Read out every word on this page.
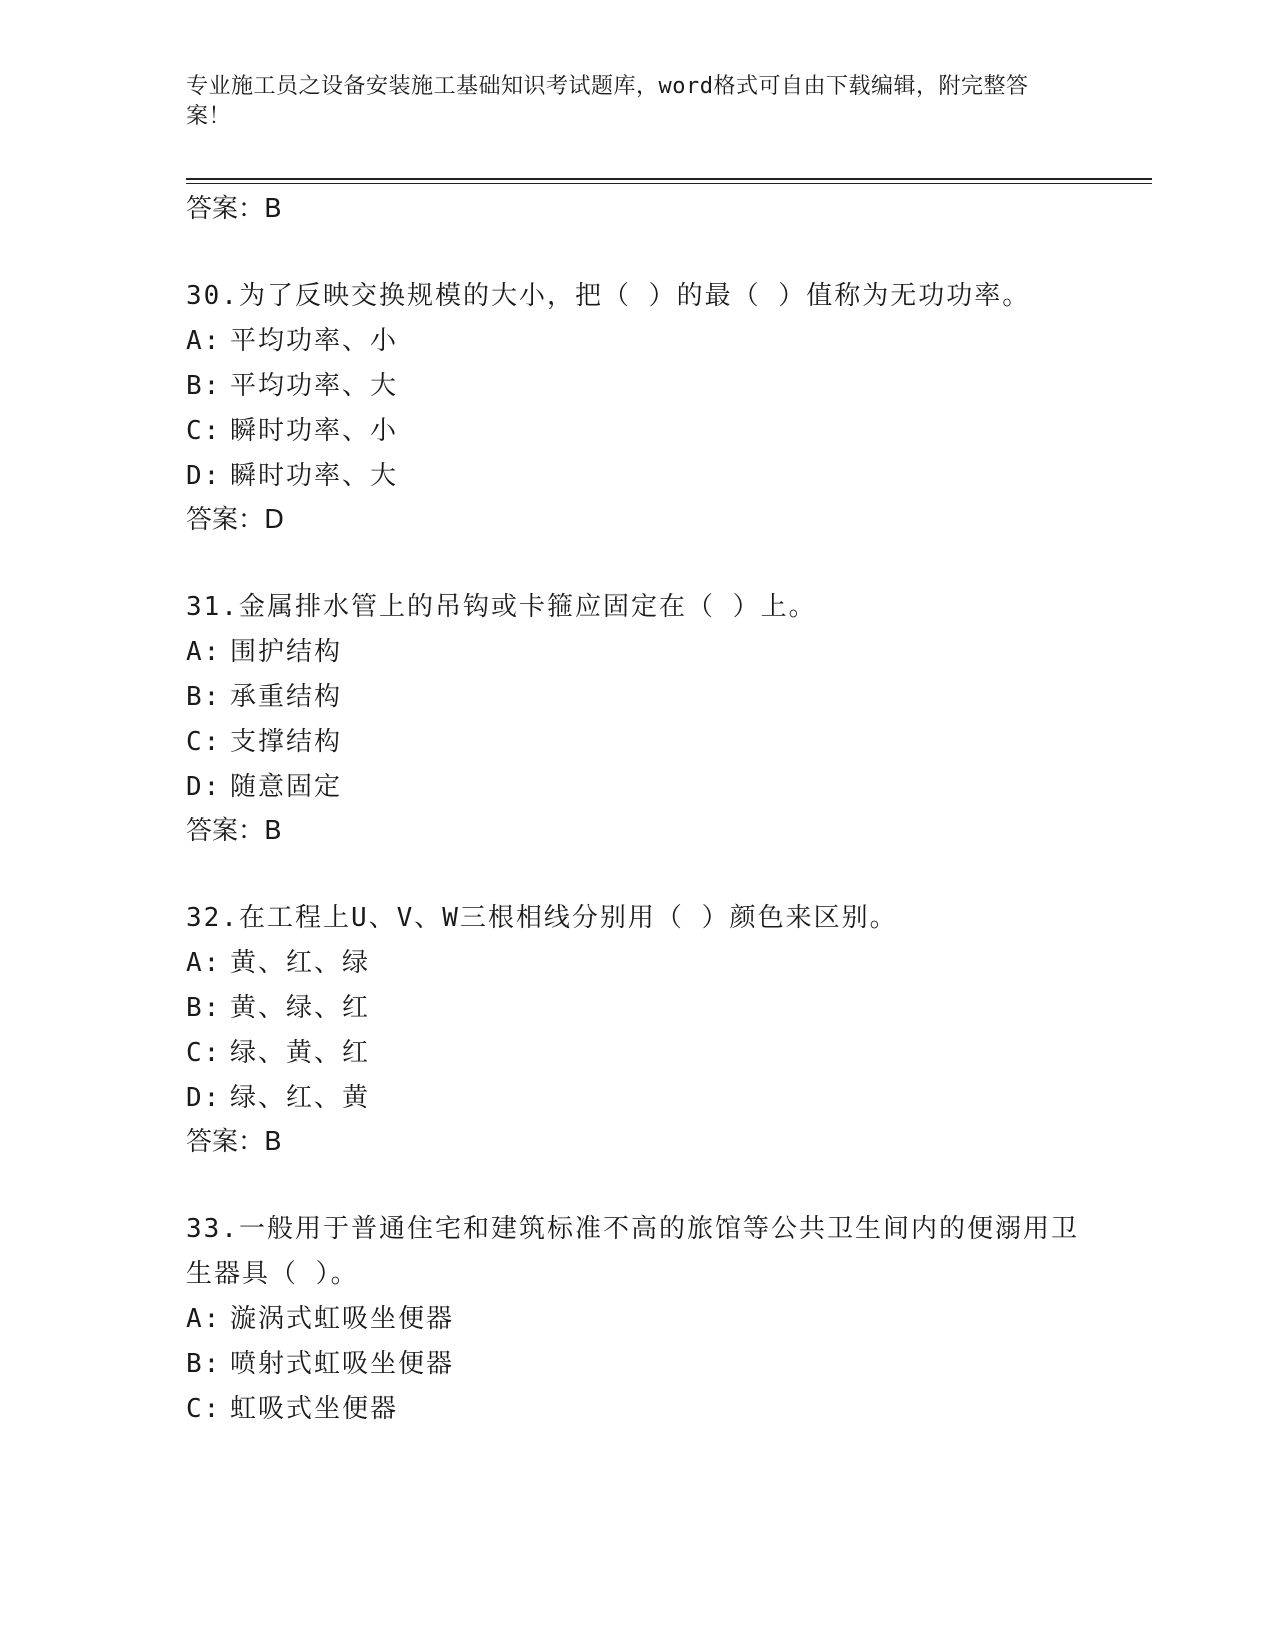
专业施工员之设备安装施工基础知识考试题库，word格式可自由下载编辑，附完整答案！
答案：B
30.为了反映交换规模的大小，把（ ）的最（ ）值称为无功功率。
A: 平均功率、小
B: 平均功率、大
C: 瞬时功率、小
D: 瞬时功率、大
答案：D
31.金属排水管上的吊钩或卡箍应固定在（ ）上。
A: 围护结构
B: 承重结构
C: 支撑结构
D: 随意固定
答案：B
32.在工程上U、V、W三根相线分别用（ ）颜色来区别。
A: 黄、红、绿
B: 黄、绿、红
C: 绿、黄、红
D: 绿、红、黄
答案：B
33.一般用于普通住宅和建筑标准不高的旅馆等公共卫生间内的便溺用卫生器具（ ）。
A: 漩涡式虹吸坐便器
B: 喷射式虹吸坐便器
C: 虹吸式坐便器
